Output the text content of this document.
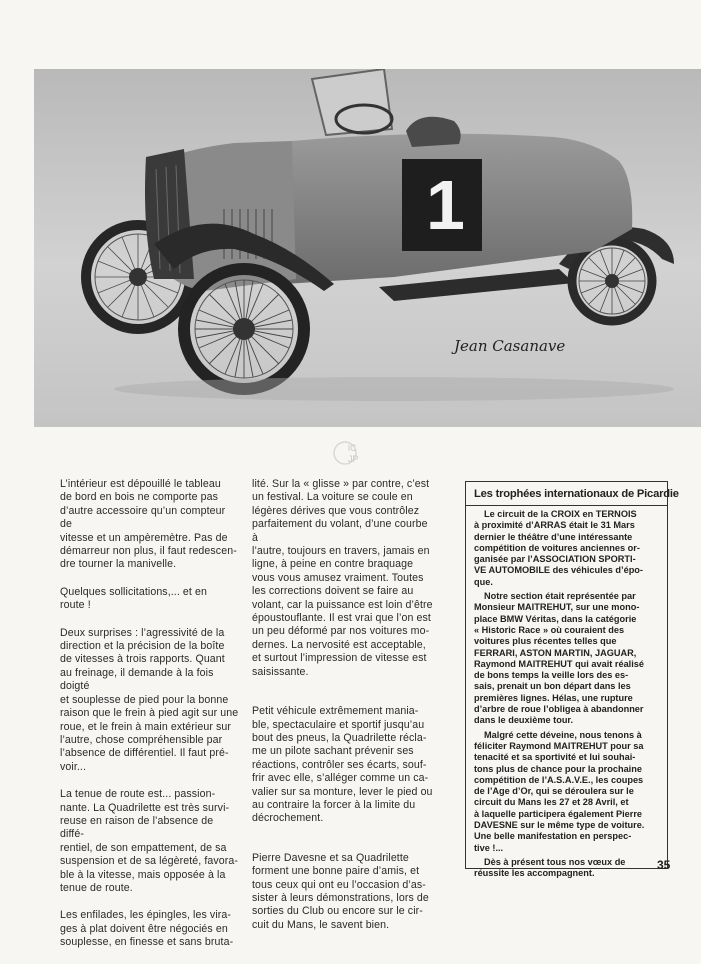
1
Jean Casanave
lC
JP

L’intérieur est dépouillé le tableau
de bord en bois ne comporte pas
d’autre accessoire qu’un compteur de
vitesse et un ampèremètre. Pas de
démarreur non plus, il faut redescen-
dre tourner la manivelle.

Quelques sollicitations,... et en
route !

Deux surprises : l’agressivité de la
direction et la précision de la boîte
de vitesses à trois rapports. Quant
au freinage, il demande à la fois doigté
et souplesse de pied pour la bonne
raison que le frein à pied agit sur une
roue, et le frein à main extérieur sur
l’autre, chose compréhensible par
l’absence de différentiel. Il faut pré-
voir...

La tenue de route est... passion-
nante. La Quadrilette est très survi-
reuse en raison de l’absence de diffé-
rentiel, de son empattement, de sa
suspension et de sa légèreté, favora-
ble à la vitesse, mais opposée à la
tenue de route.

Les enfilades, les épingles, les vira-
ges à plat doivent être négociés en
souplesse, en finesse et sans bruta-

lité. Sur la « glisse » par contre, c’est
un festival. La voiture se coule en
légères dérives que vous contrôlez
parfaitement du volant, d’une courbe à
l’autre, toujours en travers, jamais en
ligne, à peine en contre braquage
vous vous amusez vraiment. Toutes
les corrections doivent se faire au
volant, car la puissance est loin d’être
époustouflante. Il est vrai que l’on est
un peu déformé par nos voitures mo-
dernes. La nervosité est acceptable,
et surtout l’impression de vitesse est
saisissante.

Petit véhicule extrêmement mania-
ble, spectaculaire et sportif jusqu’au
bout des pneus, la Quadrilette récla-
me un pilote sachant prévenir ses
réactions, contrôler ses écarts, souf-
frir avec elle, s’alléger comme un ca-
valier sur sa monture, lever le pied ou
au contraire la forcer à la limite du
décrochement.

Pierre Davesne et sa Quadrilette
forment une bonne paire d’amis, et
tous ceux qui ont eu l’occasion d’as-
sister à leurs démonstrations, lors de
sorties du Club ou encore sur le cir-
cuit du Mans, le savent bien.

Les trophées internationaux de Picardie

Le circuit de la CROIX en TERNOIS
à proximité d’ARRAS était le 31 Mars
dernier le théâtre d’une intéressante
compétition de voitures anciennes or-
ganisée par l’ASSOCIATION SPORTI-
VE AUTOMOBILE des véhicules d’épo-
que.

Notre section était représentée par
Monsieur MAITREHUT, sur une mono-
place BMW Véritas, dans la catégorie
« Historic Race » où couraient des
voitures plus récentes telles que
FERRARI, ASTON MARTIN, JAGUAR,
Raymond MAITREHUT qui avait réalisé
de bons temps la veille lors des es-
sais, prenait un bon départ dans les
premières lignes. Hélas, une rupture
d’arbre de roue l’obligea à abandonner
dans le deuxième tour.

Malgré cette déveine, nous tenons à
féliciter Raymond MAITREHUT pour sa
tenacité et sa sportivité et lui souhai-
tons plus de chance pour la prochaine
compétition de l’A.S.A.V.E., les coupes
de l’Age d’Or, qui se déroulera sur le
circuit du Mans les 27 et 28 Avril, et
à laquelle participera également Pierre
DAVESNE sur le même type de voiture.
Une belle manifestation en perspec-
tive !...

Dès à présent tous nos vœux de
réussite les accompagnent.

35
